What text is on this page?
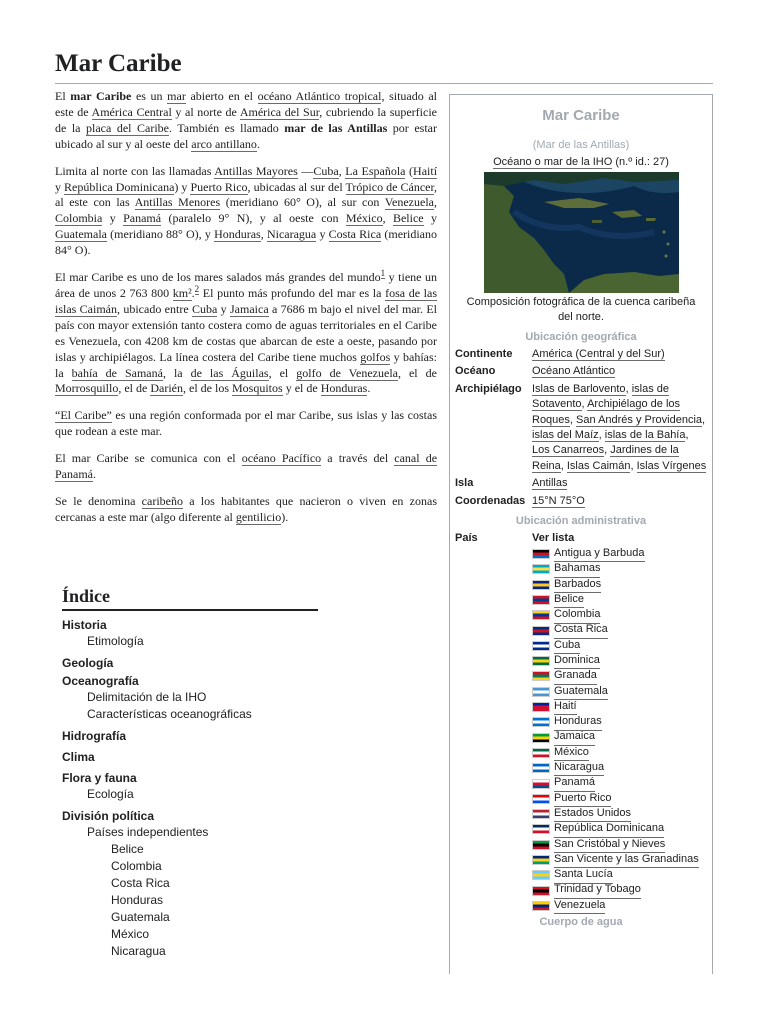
Mar Caribe

El mar Caribe es un mar abierto en el océano Atlántico tropical, situado al este de América Central y al norte de América del Sur, cubriendo la superficie de la placa del Caribe. También es llamado mar de las Antillas por estar ubicado al sur y al oeste del arco antillano.

Limita al norte con las llamadas Antillas Mayores —Cuba, La Española (Haití y República Dominicana) y Puerto Rico, ubicadas al sur del Trópico de Cáncer, al este con las Antillas Menores (meridiano 60° O), al sur con Venezuela, Colombia y Panamá (paralelo 9° N), y al oeste con México, Belice y Guatemala (meridiano 88° O), y Honduras, Nicaragua y Costa Rica (meridiano 84° O).

El mar Caribe es uno de los mares salados más grandes del mundo$^1$ y tiene un área de unos 2 763 800 km².$^2$ El punto más profundo del mar es la fosa de las islas Caimán, ubicado entre Cuba y Jamaica a 7686 m bajo el nivel del mar. El país con mayor extensión tanto costera como de aguas territoriales en el Caribe es Venezuela, con 4208 km de costas que abarcan de este a oeste, pasando por islas y archipiélagos. La línea costera del Caribe tiene muchos golfos y bahías: la bahía de Samaná, la de las Águilas, el golfo de Venezuela, el de Morrosquillo, el de Darién, el de los Mosquitos y el de Honduras.

“El Caribe” es una región conformada por el mar Caribe, sus islas y las costas que rodean a este mar.

El mar Caribe se comunica con el océano Pacífico a través del canal de Panamá.

Se le denomina caribeño a los habitantes que nacieron o viven en zonas cercanas a este mar (algo diferente al gentilicio).

Índice
Historia
Etimología
Geología
Oceanografía
Delimitación de la IHO
Características oceanográficas
Hidrografía
Clima
Flora y fauna
Ecología
División política
Países independientes
Belice
Colombia
Costa Rica
Honduras
Guatemala
México
Nicaragua
Mar Caribe
(Mar de las Antillas)
Océano o mar de la IHO (n.º id.: 27)
Composición fotográfica de la cuenca caribeña del norte.
Ubicación geográfica
Continente	América (Central y del Sur)
Océano	Océano Atlántico
Archipiélago Islas de Barlovento, islas de Sotavento, Archipiélago de los Roques, San Andrés y Providencia, islas del Maíz, islas de la Bahía, Los Canarreos, Jardines de la Reina, Islas Caimán, Islas Vírgenes
Isla	Antillas
Coordenadas 15°N 75°O
Ubicación administrativa
País	Ver lista
Antigua y Barbuda
Bahamas
Barbados
Belice
Colombia
Costa Rica
Cuba
Dominica
Granada
Guatemala
Haití
Honduras
Jamaica
México
Nicaragua
Panamá
Puerto Rico
Estados Unidos
República Dominicana
San Cristóbal y Nieves
San Vicente y las Granadinas
Santa Lucía
Trinidad y Tobago
Venezuela
Cuerpo de agua
